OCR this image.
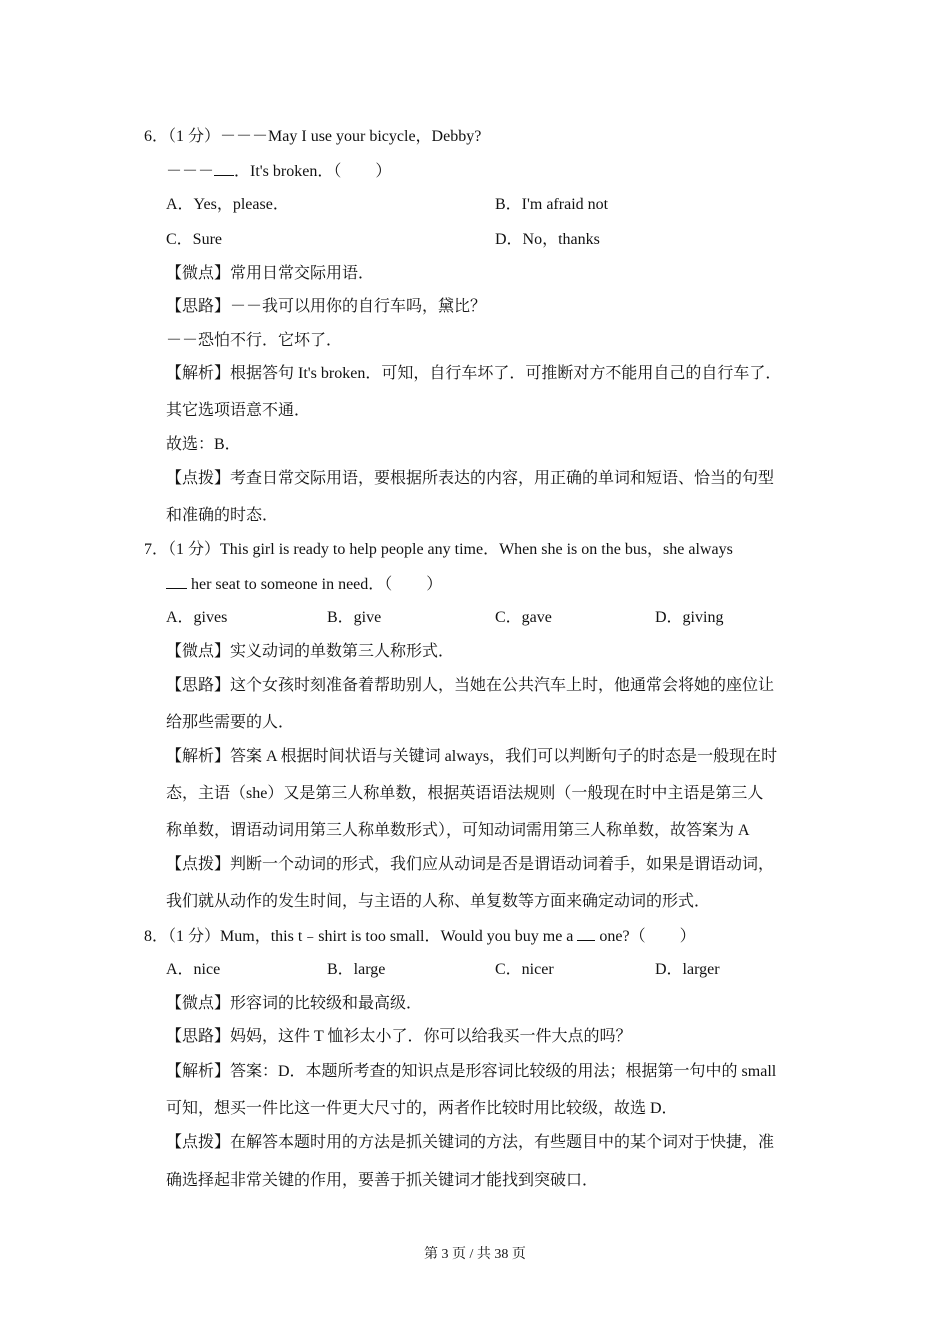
6．（1 分）－－－May I use your bicycle，Debby?
－－－ ．It's broken．（ ）
A．Yes，please．	B．I'm afraid not
C．Sure	D．No，thanks
【微点】常用日常交际用语．
【思路】－－我可以用你的自行车吗，黛比？
－－恐怕不行．它坏了．
【解析】根据答句 It's broken．可知，自行车坏了．可推断对方不能用自己的自行车了．
其它选项语意不通．
故选：B．
【点拨】考查日常交际用语，要根据所表达的内容，用正确的单词和短语、恰当的句型
和准确的时态．
7．（1 分）This girl is ready to help people any time．When she is on the bus，she always
her seat to someone in need．（ ）
A．gives	B．give	C．gave	D．giving
【微点】实义动词的单数第三人称形式．
【思路】这个女孩时刻准备着帮助别人，当她在公共汽车上时，他通常会将她的座位让
给那些需要的人．
【解析】答案 A 根据时间状语与关键词 always，我们可以判断句子的时态是一般现在时
态，主语（she）又是第三人称单数，根据英语语法规则（一般现在时中主语是第三人
称单数，谓语动词用第三人称单数形式），可知动词需用第三人称单数，故答案为 A
【点拨】判断一个动词的形式，我们应从动词是否是谓语动词着手，如果是谓语动词，
我们就从动作的发生时间，与主语的人称、单复数等方面来确定动词的形式．
8．（1 分）Mum，this t﹣shirt is too small．Would you buy me a  one?（ ）
A．nice	B．large	C．nicer	D．larger
【微点】形容词的比较级和最高级．
【思路】妈妈，这件 T 恤衫太小了．你可以给我买一件大点的吗？
【解析】答案：D．本题所考查的知识点是形容词比较级的用法；根据第一句中的 small
可知，想买一件比这一件更大尺寸的，两者作比较时用比较级，故选 D．
【点拨】在解答本题时用的方法是抓关键词的方法，有些题目中的某个词对于快捷，准
确选择起非常关键的作用，要善于抓关键词才能找到突破口．
第 3 页 / 共 38 页
